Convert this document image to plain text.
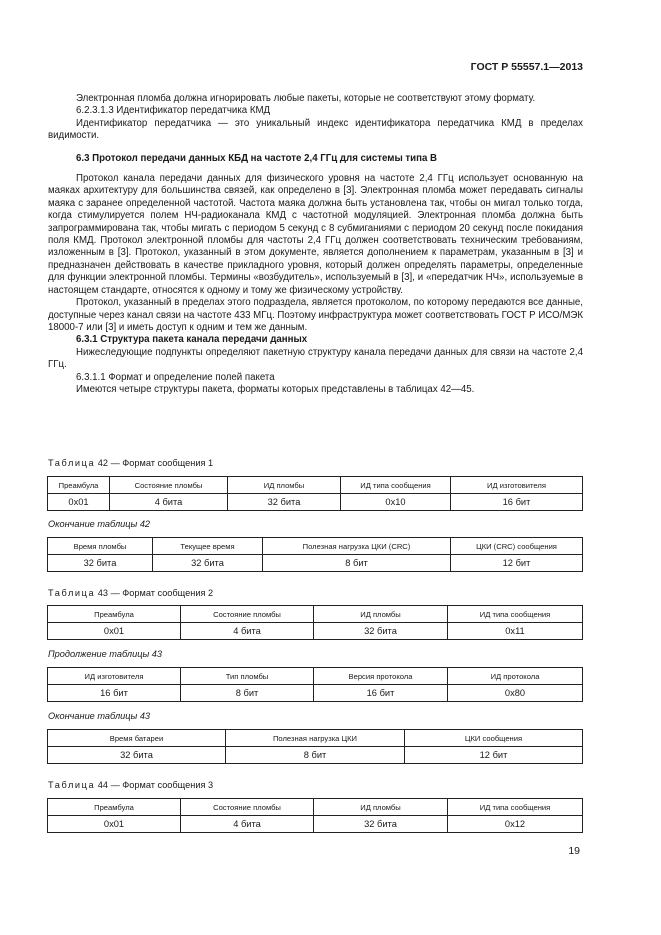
ГОСТ Р 55557.1—2013

Электронная пломба должна игнорировать любые пакеты, которые не соответствуют этому формату.

6.2.3.1.3 Идентификатор передатчика КМД

Идентификатор передатчика — это уникальный индекс идентификатора передатчика КМД в пределах видимости.

6.3 Протокол передачи данных КБД на частоте 2,4 ГГц для системы типа В

Протокол канала передачи данных для физического уровня на частоте 2,4 ГГц использует основанную на маяках архитектуру для большинства связей, как определено в [3]. Электронная пломба может передавать сигналы маяка с заранее определенной частотой. Частота маяка должна быть установлена так, чтобы он мигал только тогда, когда стимулируется полем НЧ-радиоканала КМД с частотной модуляцией. Электронная пломба должна быть запрограммирована так, чтобы мигать с периодом 5 секунд с 8 субмиганиями с периодом 20 секунд после покидания поля КМД. Протокол электронной пломбы для частоты 2,4 ГГц должен соответствовать техническим требованиям, изложенным в [3]. Протокол, указанный в этом документе, является дополнением к параметрам, указанным в [3] и предназначен действовать в качестве прикладного уровня, который должен определять параметры, определенные для функции электронной пломбы. Термины «возбудитель», используемый в [3], и «передатчик НЧ», используемые в настоящем стандарте, относятся к одному и тому же физическому устройству.

Протокол, указанный в пределах этого подраздела, является протоколом, по которому передаются все данные, доступные через канал связи на частоте 433 МГц. Поэтому инфраструктура может соответствовать ГОСТ Р ИСО/МЭК 18000-7 или [3] и иметь доступ к одним и тем же данным.

6.3.1 Структура пакета канала передачи данных

Нижеследующие подпункты определяют пакетную структуру канала передачи данных для связи на частоте 2,4 ГГц.

6.3.1.1 Формат и определение полей пакета

Имеются четыре структуры пакета, форматы которых представлены в таблицах 42—45.

Таблица 42 — Формат сообщения 1
Преамбула	Состояние пломбы	ИД пломбы	ИД типа сообщения	ИД изготовителя
0x01	4 бита	32 бита	0x10	16 бит
Окончание таблицы 42
Время пломбы	Текущее время	Полезная нагрузка ЦКИ (CRC)	ЦКИ (CRC) сообщения
32 бита	32 бита	8 бит	12 бит
Таблица 43 — Формат сообщения 2
Преамбула	Состояние пломбы	ИД пломбы	ИД типа сообщения
0x01	4 бита	32 бита	0x11
Продолжение таблицы 43
ИД изготовителя	Тип пломбы	Версия протокола	ИД протокола
16 бит	8 бит	16 бит	0x80
Окончание таблицы 43
Время батареи	Полезная нагрузка ЦКИ	ЦКИ сообщения
32 бита	8 бит	12 бит
Таблица 44 — Формат сообщения 3
Преамбула	Состояние пломбы	ИД пломбы	ИД типа сообщения
0x01	4 бита	32 бита	0x12
19
